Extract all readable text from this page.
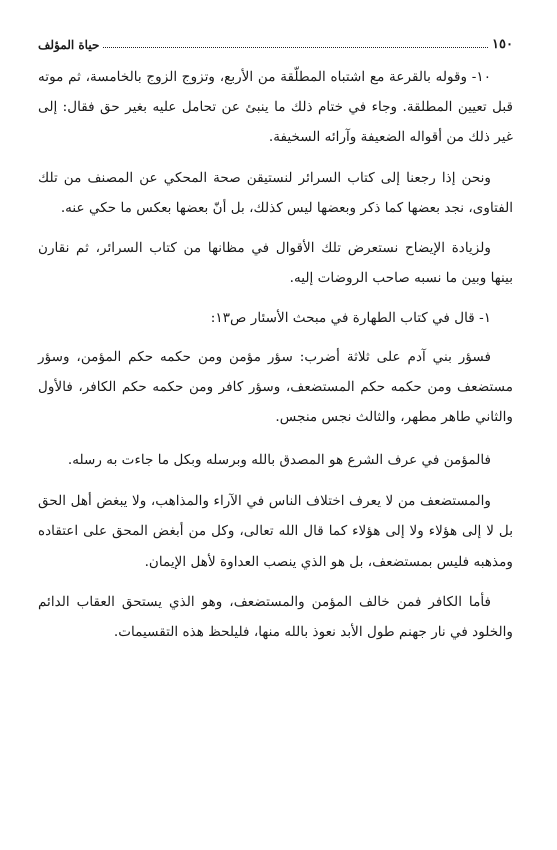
حياة المؤلف	١٥٠

١٠- وقوله بالقرعة مع اشتباه المطلّقة من الأربع، وتزوج الزوج بالخامسة، ثم موته قبل تعيين المطلقة. وجاء في ختام ذلك ما ينبئ عن تحامل عليه بغير حق فقال: إلى غير ذلك من أقواله الضعيفة وآرائه السخيفة.

ونحن إذا رجعنا إلى كتاب السرائر لنستيقن صحة المحكي عن المصنف من تلك الفتاوى، نجد بعضها كما ذكر وبعضها ليس كذلك، بل أنّ بعضها بعكس ما حكي عنه.

ولزيادة الإيضاح نستعرض تلك الأقوال في مظانها من كتاب السرائر، ثم نقارن بينها وبين ما نسبه صاحب الروضات إليه.

١- قال في كتاب الطهارة في مبحث الأسئار ص١٣:

فسؤر بني آدم على ثلاثة أضرب: سؤر مؤمن ومن حكمه حكم المؤمن، وسؤر مستضعف ومن حكمه حكم المستضعف، وسؤر كافر ومن حكمه حكم الكافر، فالأول والثاني طاهر مطهر، والثالث نجس منجس.

فالمؤمن في عرف الشرع هو المصدق بالله وبرسله وبكل ما جاءت به رسله.

والمستضعف من لا يعرف اختلاف الناس في الآراء والمذاهب، ولا يبغض أهل الحق بل لا إلى هؤلاء ولا إلى هؤلاء كما قال الله تعالى، وكل من أبغض المحق على اعتقاده ومذهبه فليس بمستضعف، بل هو الذي ينصب العداوة لأهل الإيمان.

فأما الكافر فمن خالف المؤمن والمستضعف، وهو الذي يستحق العقاب الدائم والخلود في نار جهنم طول الأبد نعوذ بالله منها، فليلحظ هذه التقسيمات.
